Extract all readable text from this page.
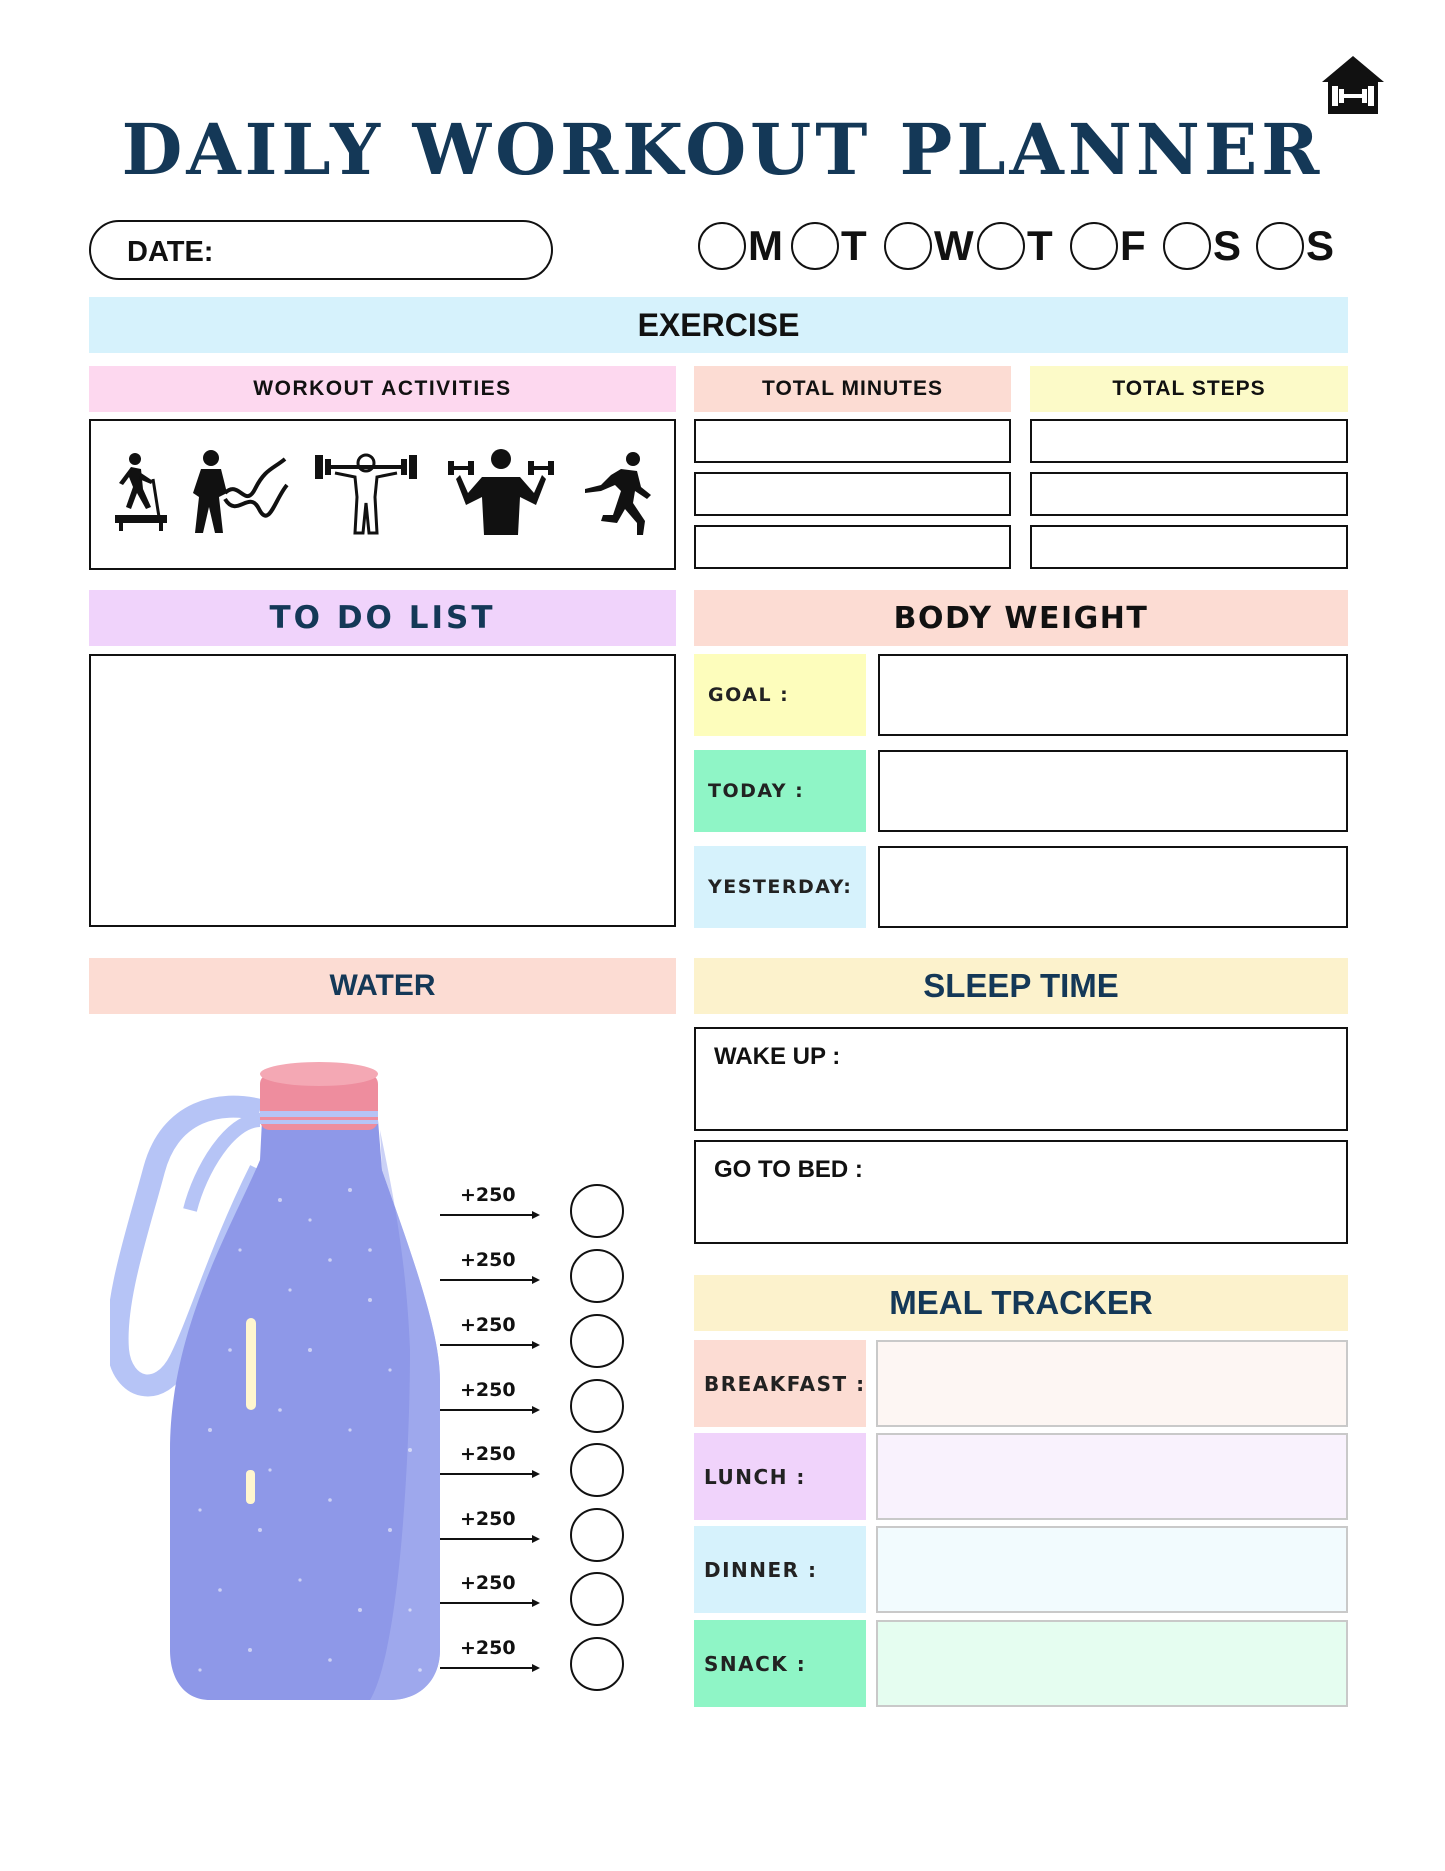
DAILY WORKOUT PLANNER
DATE:	M T	W T	F	S S
EXERCISE
WORKOUT ACTIVITIES	TOTAL MINUTES	TOTAL STEPS
TO DO LIST	BODY WEIGHT
GOAL :
TODAY :
YESTERDAY:
WATER
+250
+250
+250
+250
+250
+250
+250
+250
SLEEP TIME
WAKE UP :
GO TO BED :
MEAL TRACKER
BREAKFAST :
LUNCH :
DINNER :
SNACK :
